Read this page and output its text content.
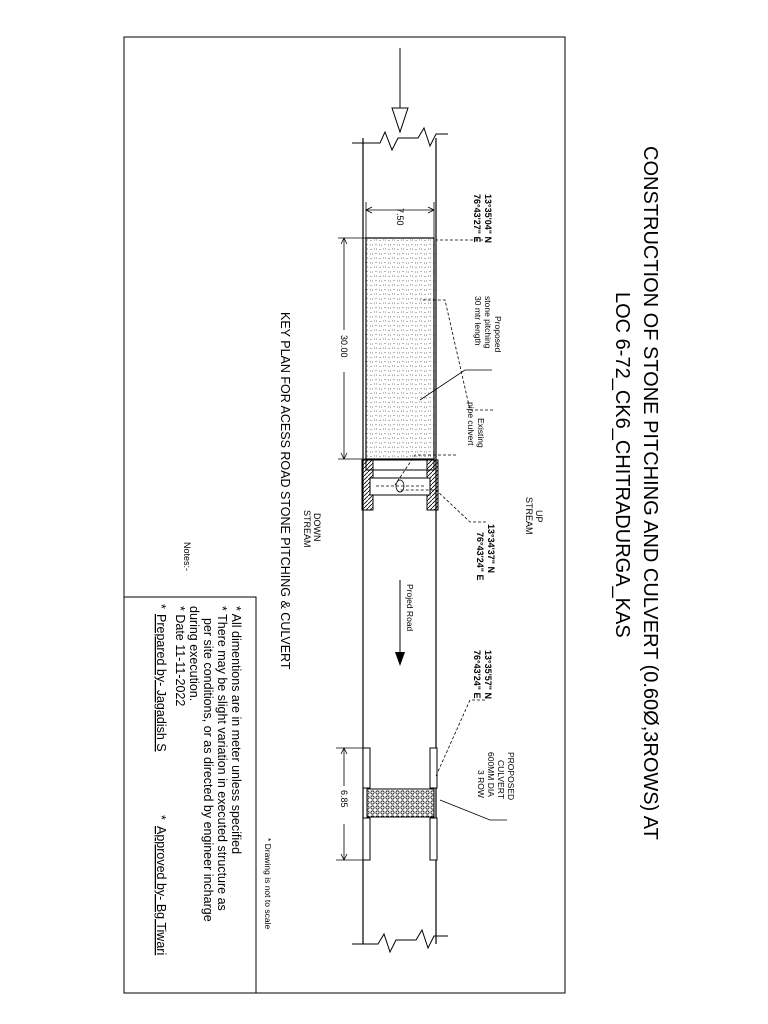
CONSTRUCTION OF STONE PITCHING AND CULVERT (0.60Ø,3ROWS) AT
LOC 6-72_CK6_CHITRADURGA_KAS
KEY PLAN FOR ACESS ROAD STONE PITCHING & CULVERT
7.50
30.00
6.85
13°35'04" N
76°43'27" E
13°34'37" N
76°43'24" E
13°35'57" N
76°43'24" E
Proposed
stone pitching
30 mtr length
Existing
pipe culvert
PROPOSED
CULVERT
600MM DIA
3 ROW
UP
STREAM
DOWN
STREAM
Projed Road
* Drawing is not to scale
Notes:-
* All dimentions are in meter unless specified
* There may be slight variation in executed structure as
per site conditions, or as directed by engineer incharge
during execution.
* Date 11-11-2022
*
Prepared by- Jagadish S
*
Approved by- Bg Tiwari
